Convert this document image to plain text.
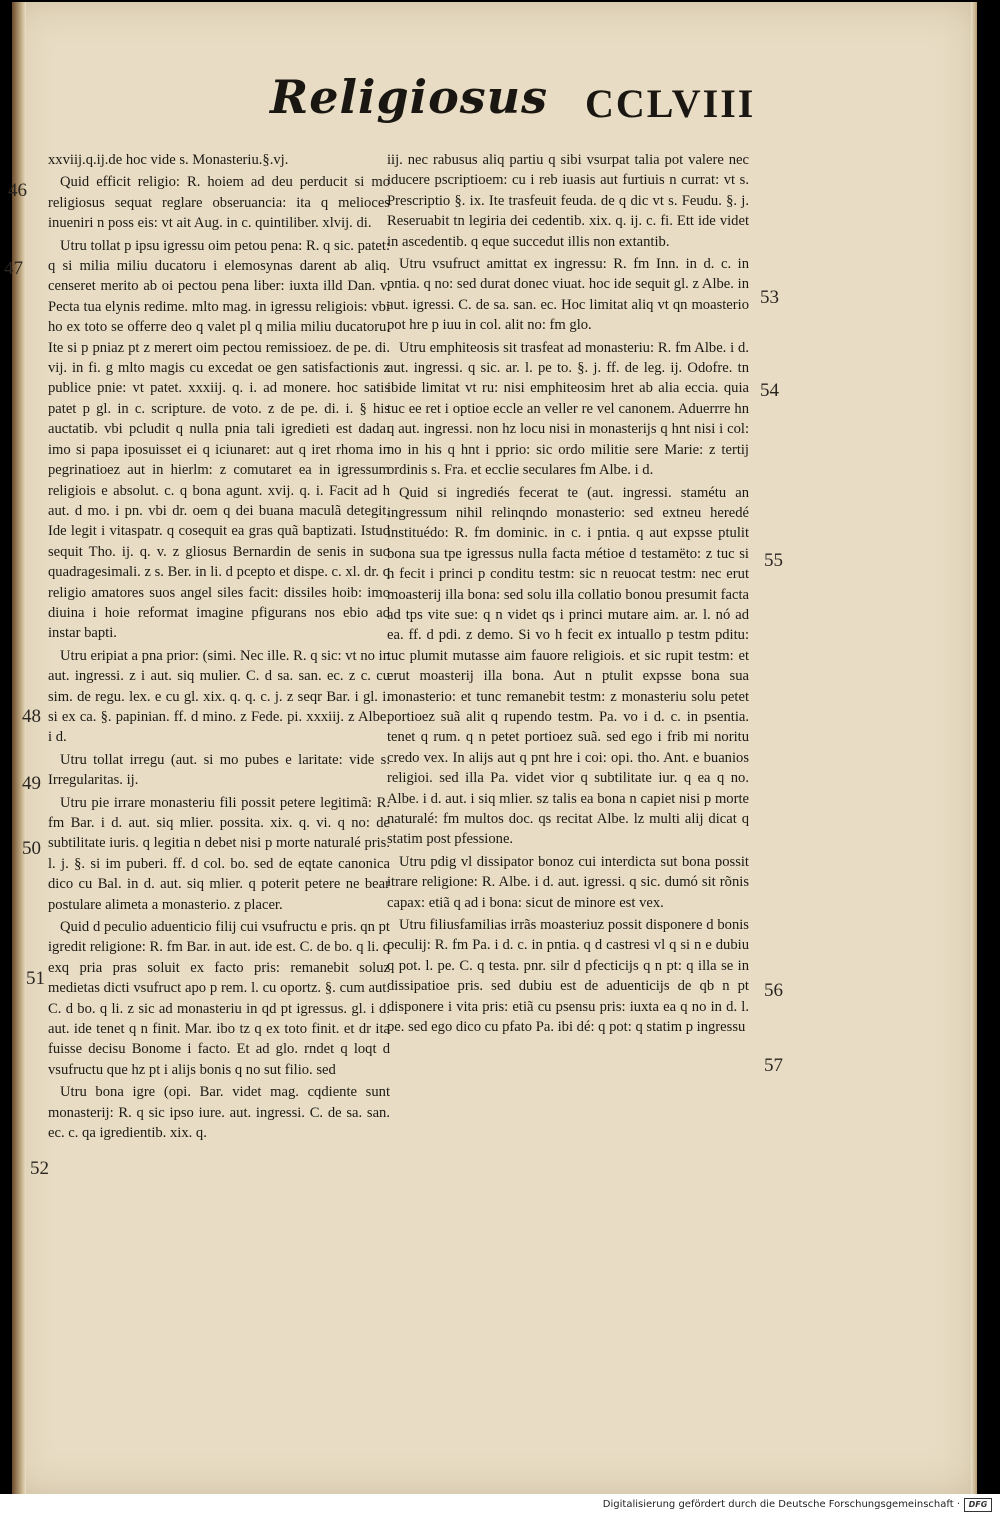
Religiosus CCLVIII
46
47
48
49
50
51
52
53
54
55
56
57

xxviij.q.ij.de hoc vide s. Monasteriu.§.vj.

Quid efficit religio: R. hoiem ad deu perducit si mo religiosus sequat reglare obseruancia: ita q melioces inueniri n poss eis: vt ait Aug. in c. quintiliber. xlvij. di.

Utru tollat p ipsu igressu oim petou pena: R. q sic. patet: q si milia miliu ducatoru i elemosynas darent ab aliq. censeret merito ab oi pectou pena liber: iuxta illd Dan. v. Pecta tua elynis redime. mlto mag. in igressu religiois: vbi ho ex toto se offerre deo q valet pl q milia miliu ducatoru. Ite si p pniaz pt z merert oim pectou remissioez. de pe. di. vij. in fi. g mlto magis cu excedat oe gen satisfactionis z publice pnie: vt patet. xxxiij. q. i. ad monere. hoc satis patet p gl. in c. scripture. de voto. z de pe. di. i. § his auctatib. vbi pcludit q nulla pnia tali igredieti est dada: imo si papa iposuisset ei q iciunaret: aut q iret rhoma in pegrinatioez aut in hierlm: z comutaret ea in igressum religiois e absolut. c. q bona agunt. xvij. q. i. Facit ad h aut. d mo. i pn. vbi dr. oem q dei buana maculã detegit. Ide legit i vitaspatr. q cosequit ea gras quã baptizati. Istud sequit Tho. ij. q. v. z gliosus Bernardin de senis in suo quadragesimali. z s. Ber. in li. d pcepto et dispe. c. xl. dr. q religio amatores suos angel siles facit: dissiles hoib: imo diuina i hoie reformat imagine pfigurans nos ebio ad instar bapti.

Utru eripiat a pna prior: (simi. Nec ille. R. q sic: vt no in aut. ingressi. z i aut. siq mulier. C. d sa. san. ec. z c. cu sim. de regu. lex. e cu gl. xix. q. q. c. j. z seqr Bar. i gl. i. si ex ca. §. papinian. ff. d mino. z Fede. pi. xxxiij. z Albe. i d.

Utru tollat irregu (aut. si mo pubes e laritate: vide s. Irregularitas. ij.

Utru pie irrare monasteriu fili possit petere legitimã: R. fm Bar. i d. aut. siq mlier. possita. xix. q. vi. q no: de subtilitate iuris. q legitia n debet nisi p morte naturalé pris. l. j. §. si im puberi. ff. d col. bo. sed de eqtate canonica dico cu Bal. in d. aut. siq mlier. q poterit petere ne bear postulare alimeta a monasterio. z placer.

Quid d peculio aduenticio filij cui vsufructu e pris. qn pt igredit religione: R. fm Bar. in aut. ide est. C. de bo. q li. q exq pria pras soluit ex facto pris: remanebit soluz medietas dicti vsufruct apo p rem. l. cu oportz. §. cum aut. C. d bo. q li. z sic ad monasteriu in qd pt igressus. gl. i d. aut. ide tenet q n finit. Mar. ibo tz q ex toto finit. et dr ita fuisse decisu Bonome i facto. Et ad glo. rndet q loqt d vsufructu que hz pt i alijs bonis q no sut filio. sed

Utru bona igre (opi. Bar. videt mag. cqdiente sunt monasterij: R. q sic ipso iure. aut. ingressi. C. de sa. san. ec. c. qa igredientib. xix. q.

iij. nec rabusus aliq partiu q sibi vsurpat talia pot valere nec iducere pscriptioem: cu i reb iuasis aut furtiuis n currat: vt s. Prescriptio §. ix. Ite trasfeuit feuda. de q dic vt s. Feudu. §. j. Reseruabit tn legiria dei cedentib. xix. q. ij. c. fi. Ett ide videt in ascedentib. q eque succedut illis non extantib.

Utru vsufruct amittat ex ingressu: R. fm Inn. in d. c. in pntia. q no: sed durat donec viuat. hoc ide sequit gl. z Albe. in aut. igressi. C. de sa. san. ec. Hoc limitat aliq vt qn moasterio pot hre p iuu in col. alit no: fm glo.

Utru emphiteosis sit trasfeat ad monasteriu: R. fm Albe. i d. aut. ingressi. q sic. ar. l. pe to. §. j. ff. de leg. ij. Odofre. tn ibide limitat vt ru: nisi emphiteosim hret ab alia eccia. quia tuc ee ret i optioe eccle an veller re vel canonem. Aduerrre hn q aut. ingressi. non hz locu nisi in monasterijs q hnt nisi i col: no in his q hnt i pprio: sic ordo militie sere Marie: z tertij ordinis s. Fra. et ecclie seculares fm Albe. i d.

Quid si ingrediés fecerat te (aut. ingressi. stamétu an ingressum nihil relinqndo monasterio: sed extneu heredé instituédo: R. fm dominic. in c. i pntia. q aut expsse ptulit bona sua tpe igressus nulla facta métioe d testamëto: z tuc si h fecit i princi p conditu testm: sic n reuocat testm: nec erut moasterij illa bona: sed solu illa collatio bonou presumit facta ad tps vite sue: q n videt qs i princi mutare aim. ar. l. nó ad ea. ff. d pdi. z demo. Si vo h fecit ex intuallo p testm pditu: tuc plumit mutasse aim fauore religiois. et sic rupit testm: et erut moasterij illa bona. Aut n ptulit expsse bona sua monasterio: et tunc remanebit testm: z monasteriu solu petet portioez suã alit q rupendo testm. Pa. vo i d. c. in psentia. tenet q rum. q n petet portioez suã. sed ego i frib mi noritu credo vex. In alijs aut q pnt hre i coi: opi. tho. Ant. e buanios religioi. sed illa Pa. videt vior q subtilitate iur. q ea q no. Albe. i d. aut. i siq mlier. sz talis ea bona n capiet nisi p morte naturalé: fm multos doc. qs recitat Albe. lz multi alij dicat q statim post pfessione.

Utru pdig vl dissipator bonoz cui interdicta sut bona possit itrare religione: R. Albe. i d. aut. igressi. q sic. dumó sit rõnis capax: etiã q ad i bona: sicut de minore est vex.

Utru filiusfamilias irrãs moasteriuz possit disponere d bonis peculij: R. fm Pa. i d. c. in pntia. q d castresi vl q si n e dubiu q pot. l. pe. C. q testa. pnr. silr d pfecticijs q n pt: q illa se in dissipatioe pris. sed dubiu est de aduenticijs de qb n pt disponere i vita pris: etiã cu psensu pris: iuxta ea q no in d. l. pe. sed ego dico cu pfato Pa. ibi dé: q pot: q statim p ingressu

Digitalisierung gefördert durch die Deutsche Forschungsgemeinschaft ·	DFG
